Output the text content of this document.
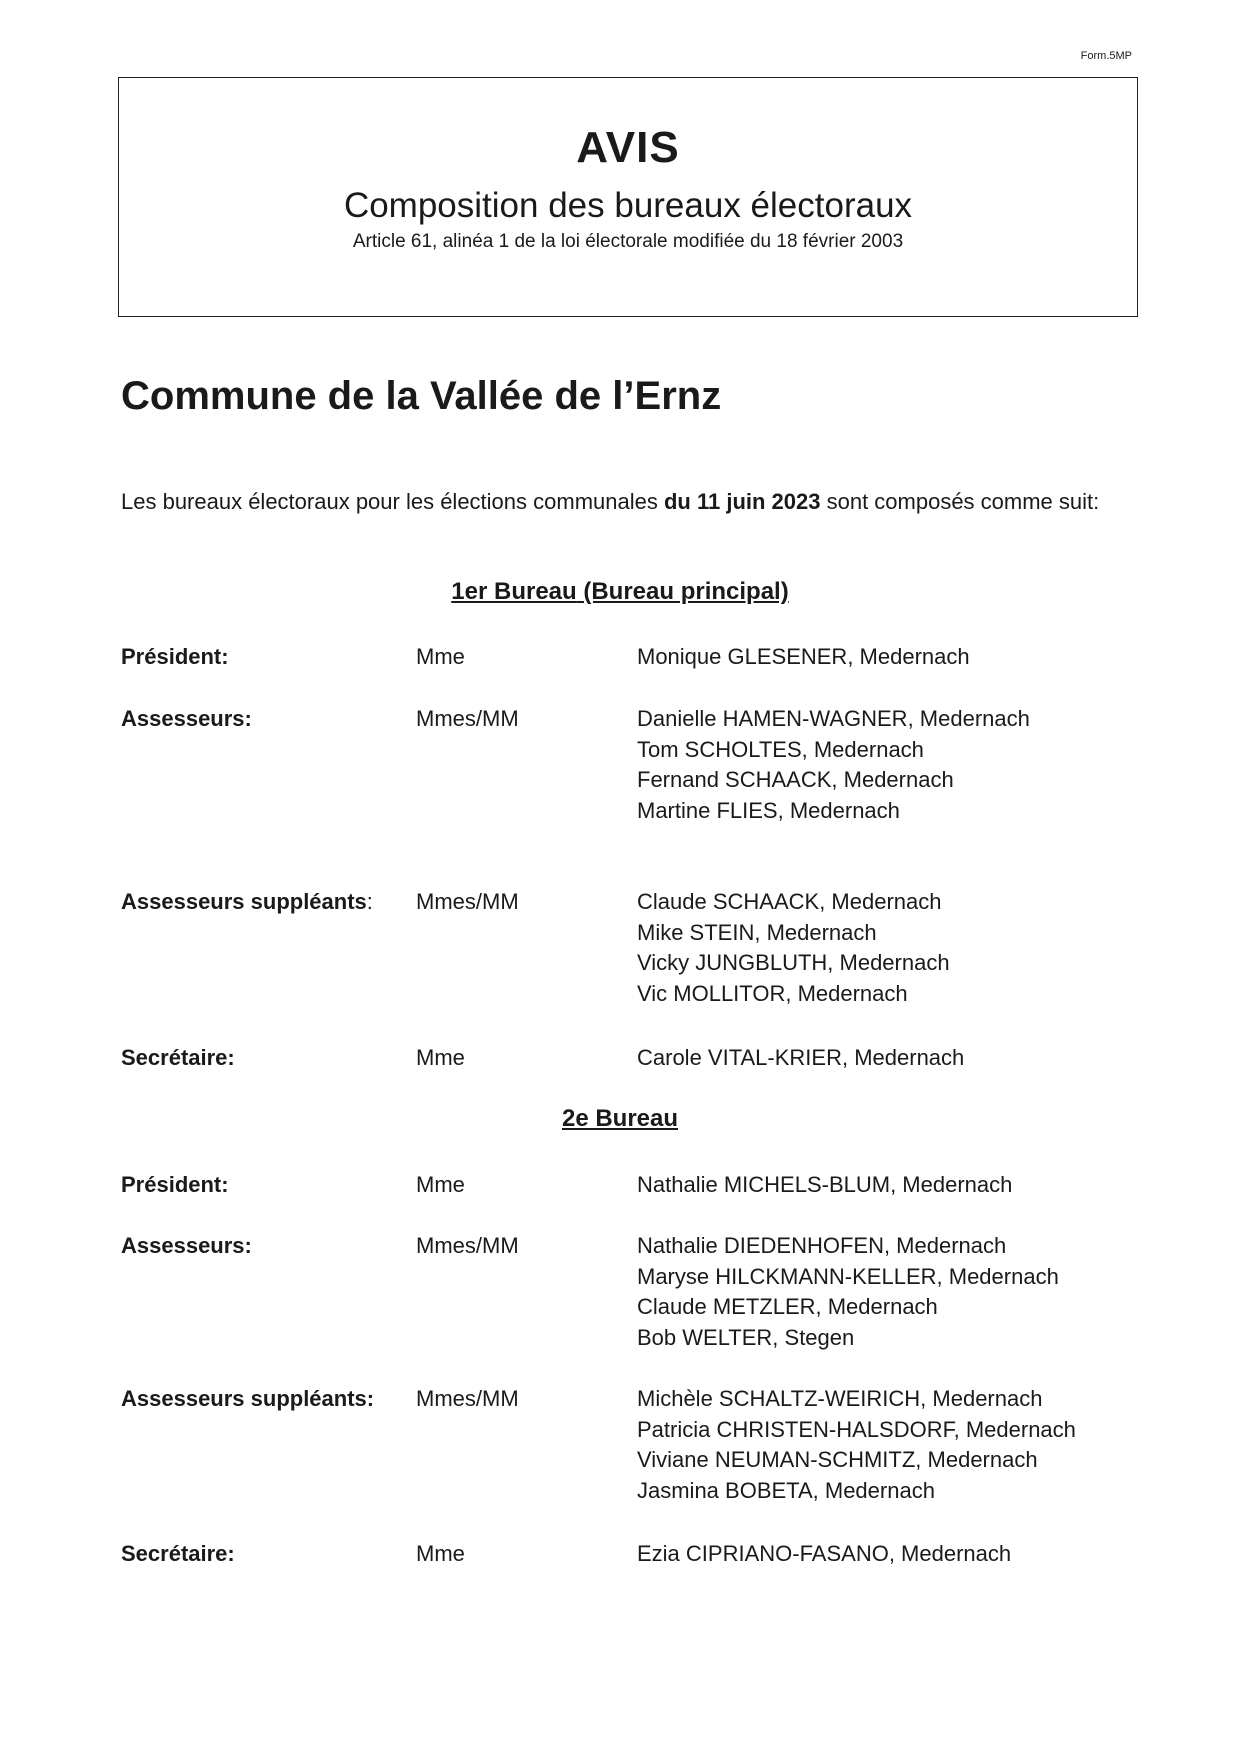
Form.5MP
AVIS
Composition des bureaux électoraux
Article 61, alinéa 1 de la loi électorale modifiée du 18 février 2003
Commune de la Vallée de l’Ernz

Les bureaux électoraux pour les élections communales du 11 juin 2023 sont composés comme suit:

1er Bureau (Bureau principal)
Président:	Mme	Monique GLESENER, Medernach
Assesseurs:	Mmes/MM	Danielle HAMEN-WAGNER, Medernach
Tom SCHOLTES, Medernach
Fernand SCHAACK, Medernach
Martine FLIES, Medernach
Assesseurs suppléants: Mmes/MM	Claude SCHAACK, Medernach
Mike STEIN, Medernach
Vicky JUNGBLUTH, Medernach
Vic MOLLITOR, Medernach
Secrétaire:	Mme	Carole VITAL-KRIER, Medernach
2e Bureau
Président:	Mme	Nathalie MICHELS-BLUM, Medernach
Assesseurs:	Mmes/MM	Nathalie DIEDENHOFEN, Medernach
Maryse HILCKMANN-KELLER, Medernach
Claude METZLER, Medernach
Bob WELTER, Stegen
Assesseurs suppléants: Mmes/MM	Michèle SCHALTZ-WEIRICH, Medernach
Patricia CHRISTEN-HALSDORF, Medernach
Viviane NEUMAN-SCHMITZ, Medernach
Jasmina BOBETA, Medernach
Secrétaire:	Mme	Ezia CIPRIANO-FASANO, Medernach
